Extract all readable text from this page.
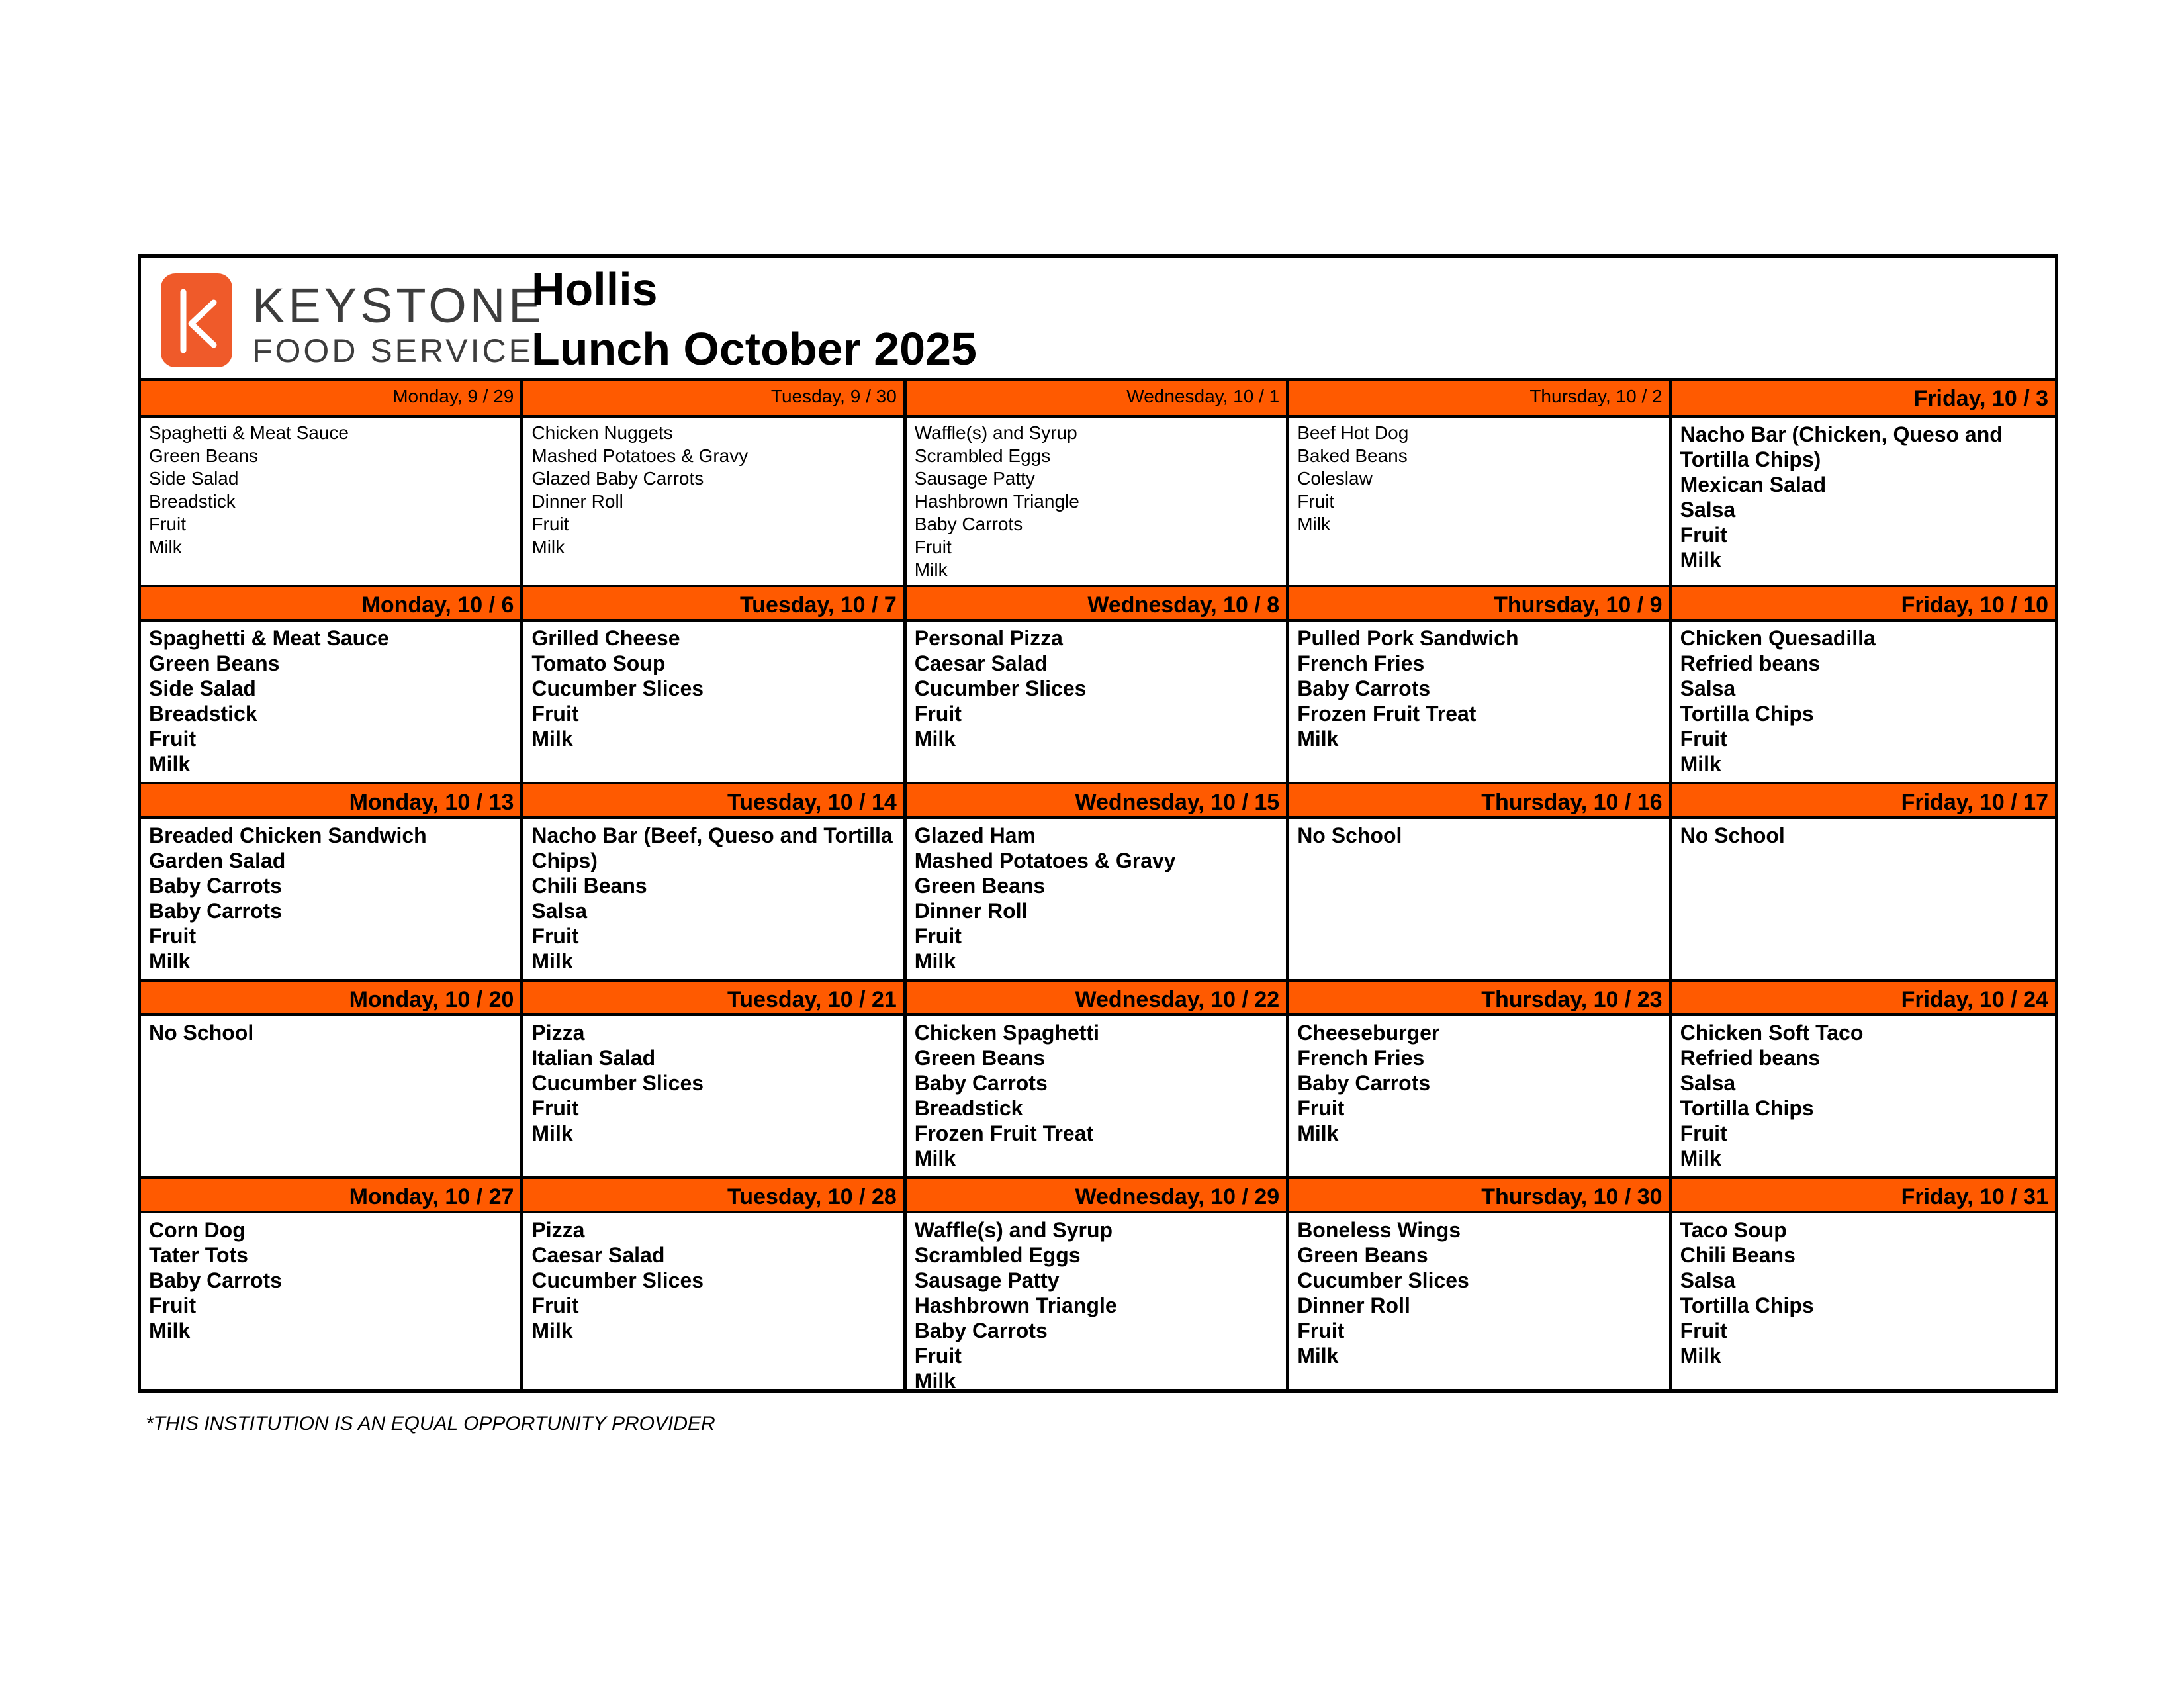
KEYSTONE
FOOD SERVICE
Hollis
Lunch October 2025
Monday, 9 / 29
Spaghetti & Meat Sauce
Green Beans
Side Salad
Breadstick
Fruit
Milk
Tuesday, 9 / 30
Chicken Nuggets
Mashed Potatoes & Gravy
Glazed Baby Carrots
Dinner Roll
Fruit
Milk
Wednesday, 10 / 1
Waffle(s) and Syrup
Scrambled Eggs
Sausage Patty
Hashbrown Triangle
Baby Carrots
Fruit
Milk
Thursday, 10 / 2
Beef Hot Dog
Baked Beans
Coleslaw
Fruit
Milk
Friday, 10 / 3
Nacho Bar (Chicken, Queso and Tortilla Chips)
Mexican Salad
Salsa
Fruit
Milk
Monday, 10 / 6
Spaghetti & Meat Sauce
Green Beans
Side Salad
Breadstick
Fruit
Milk
Tuesday, 10 / 7
Grilled Cheese
Tomato Soup
Cucumber Slices
Fruit
Milk
Wednesday, 10 / 8
Personal Pizza
Caesar Salad
Cucumber Slices
Fruit
Milk
Thursday, 10 / 9
Pulled Pork Sandwich
French Fries
Baby Carrots
Frozen Fruit Treat
Milk
Friday, 10 / 10
Chicken Quesadilla
Refried beans
Salsa
Tortilla Chips
Fruit
Milk
Monday, 10 / 13
Breaded Chicken Sandwich
Garden Salad
Baby Carrots
Baby Carrots
Fruit
Milk
Tuesday, 10 / 14
Nacho Bar (Beef, Queso and Tortilla Chips)
Chili Beans
Salsa
Fruit
Milk
Wednesday, 10 / 15
Glazed Ham
Mashed Potatoes & Gravy
Green Beans
Dinner Roll
Fruit
Milk
Thursday, 10 / 16
No School
Friday, 10 / 17
No School
Monday, 10 / 20
No School
Tuesday, 10 / 21
Pizza
Italian Salad
Cucumber Slices
Fruit
Milk
Wednesday, 10 / 22
Chicken Spaghetti
Green Beans
Baby Carrots
Breadstick
Frozen Fruit Treat
Milk
Thursday, 10 / 23
Cheeseburger
French Fries
Baby Carrots
Fruit
Milk
Friday, 10 / 24
Chicken Soft Taco
Refried beans
Salsa
Tortilla Chips
Fruit
Milk
Monday, 10 / 27
Corn Dog
Tater Tots
Baby Carrots
Fruit
Milk
Tuesday, 10 / 28
Pizza
Caesar Salad
Cucumber Slices
Fruit
Milk
Wednesday, 10 / 29
Waffle(s) and Syrup
Scrambled Eggs
Sausage Patty
Hashbrown Triangle
Baby Carrots
Fruit
Milk
Thursday, 10 / 30
Boneless Wings
Green Beans
Cucumber Slices
Dinner Roll
Fruit
Milk
Friday, 10 / 31
Taco Soup
Chili Beans
Salsa
Tortilla Chips
Fruit
Milk
*THIS INSTITUTION IS AN EQUAL OPPORTUNITY PROVIDER
